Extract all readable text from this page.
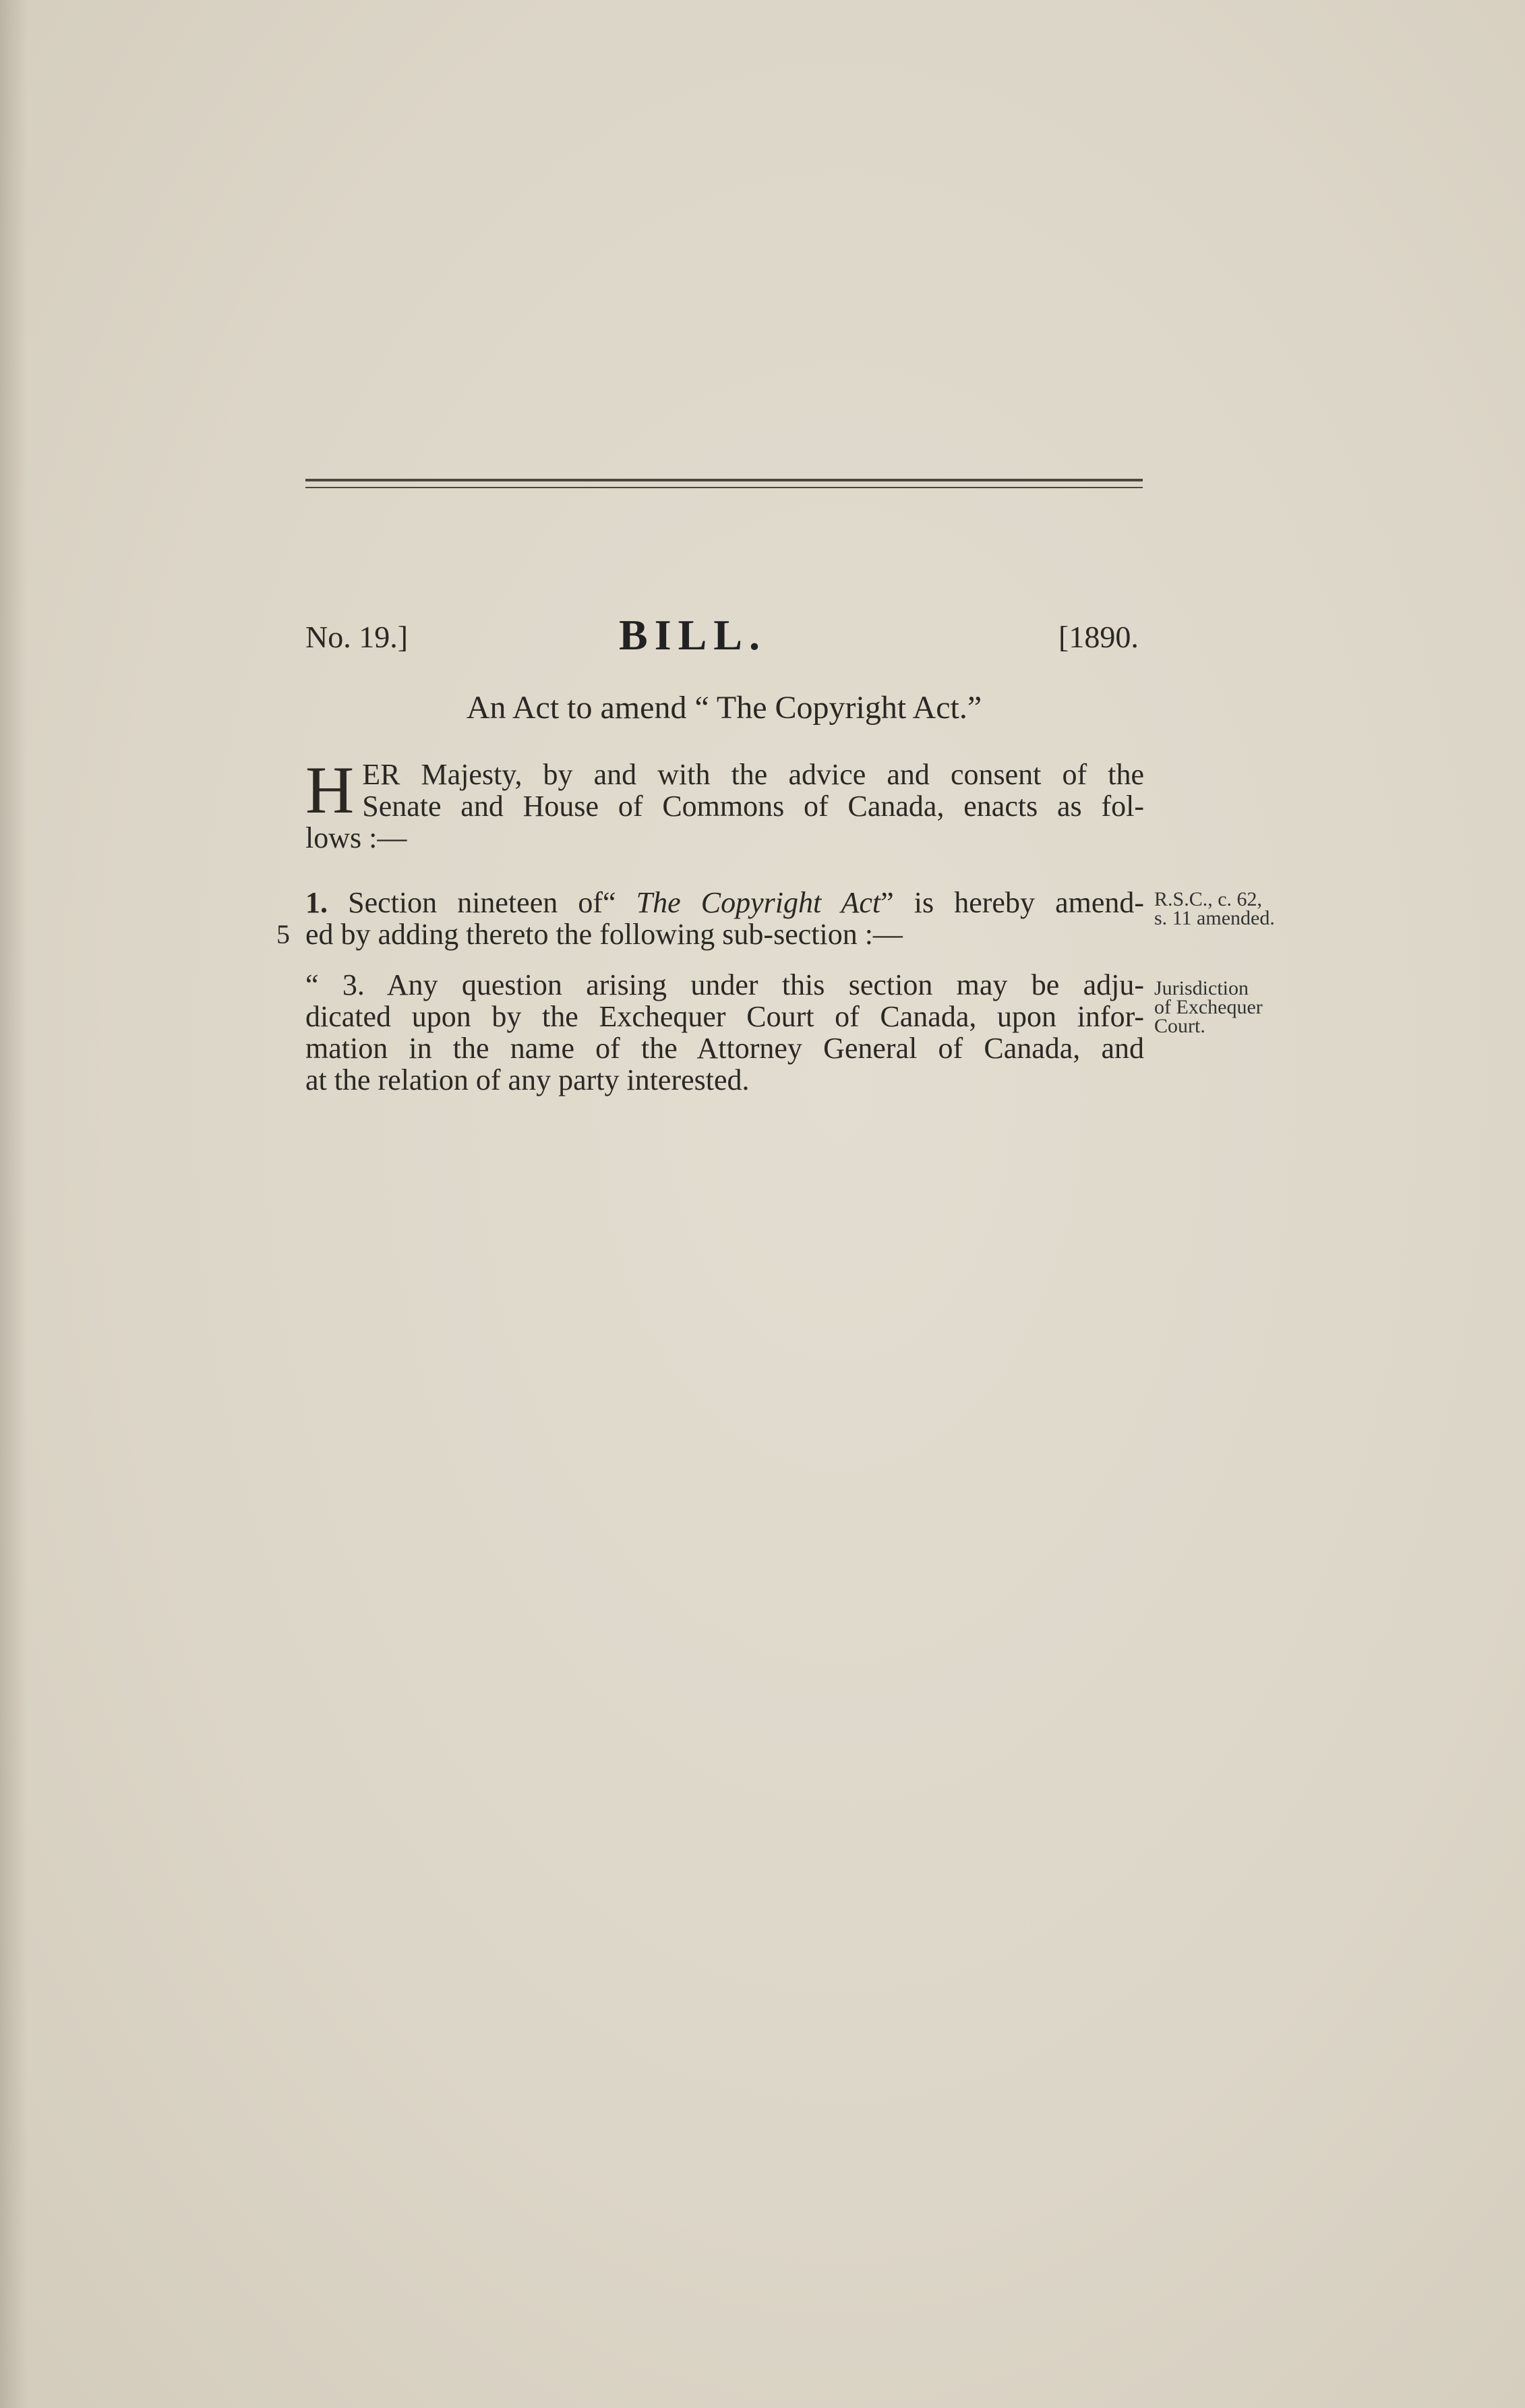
No. 19.]	BILL.	[1890.
An Act to amend “ The Copyright Act.”
H ER Majesty, by and with the advice and consent of the
Senate and House of Commons of Canada, enacts as fol-
lows :—
1. Section nineteen of“ The Copyright Act” is hereby amend-
ed by adding thereto the following sub-section :—
5
R.S.C., c. 62,
s. 11 amended.
“ 3. Any question arising under this section may be adju-
dicated upon by the Exchequer Court of Canada, upon infor-
mation in the name of the Attorney General of Canada, and
at the relation of any party interested.
Jurisdiction
of Exchequer
Court.
